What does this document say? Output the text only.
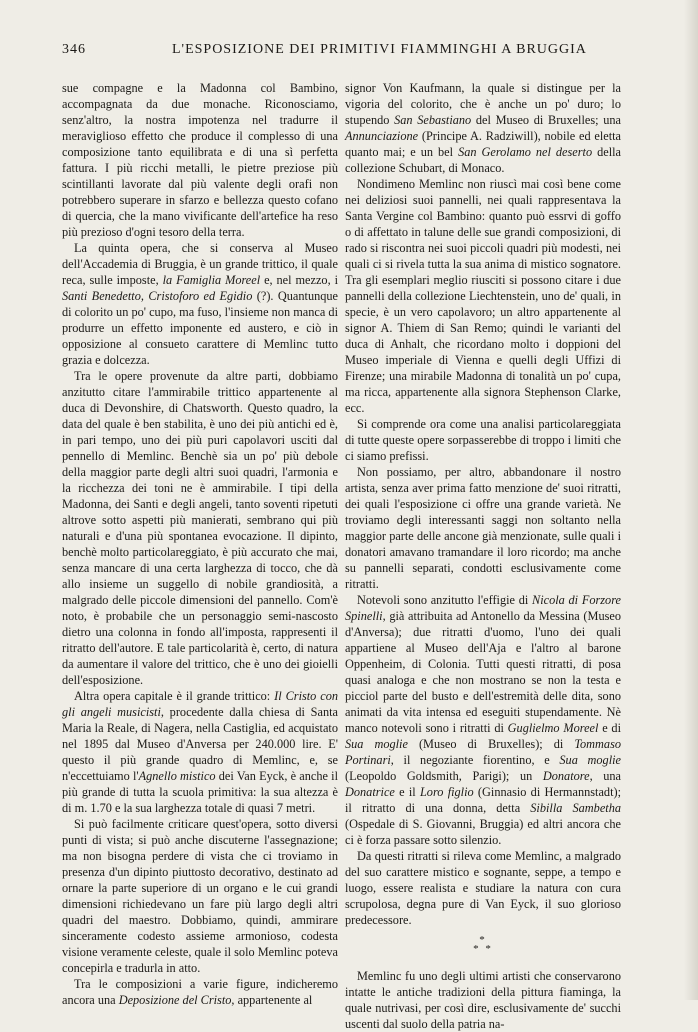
346	L'ESPOSIZIONE DEI PRIMITIVI FIAMMINGHI A BRUGGIA

sue compagne e la Madonna col Bambino, accompagnata da due monache. Riconosciamo, senz'altro, la nostra impotenza nel tradurre il meraviglioso effetto che produce il complesso di una composizione tanto equilibrata e di una sì perfetta fattura. I più ricchi metalli, le pietre preziose più scintillanti lavorate dal più valente degli orafi non potrebbero superare in sfarzo e bellezza questo cofano di quercia, che la mano vivificante dell'artefice ha reso più prezioso d'ogni tesoro della terra.

La quinta opera, che si conserva al Museo dell'Accademia di Bruggia, è un grande trittico, il quale reca, sulle imposte, la Famiglia Moreel e, nel mezzo, i Santi Benedetto, Cristoforo ed Egidio (?). Quantunque di colorito un po' cupo, ma fuso, l'insieme non manca di produrre un effetto imponente ed austero, e ciò in opposizione al consueto carattere di Memlinc tutto grazia e dolcezza.

Tra le opere provenute da altre parti, dobbiamo anzitutto citare l'ammirabile trittico appartenente al duca di Devonshire, di Chatsworth. Questo quadro, la data del quale è ben stabilita, è uno dei più antichi ed è, in pari tempo, uno dei più puri capolavori usciti dal pennello di Memlinc. Benchè sia un po' più debole della maggior parte degli altri suoi quadri, l'armonia e la ricchezza dei toni ne è ammirabile. I tipi della Madonna, dei Santi e degli angeli, tanto soventi ripetuti altrove sotto aspetti più manierati, sembrano qui più naturali e d'una più spontanea evocazione. Il dipinto, benchè molto particolareggiato, è più accurato che mai, senza mancare di una certa larghezza di tocco, che dà allo insieme un suggello di nobile grandiosità, a malgrado delle piccole dimensioni del pannello. Com'è noto, è probabile che un personaggio semi-nascosto dietro una colonna in fondo all'imposta, rappresenti il ritratto dell'autore. E tale particolarità è, certo, di natura da aumentare il valore del trittico, che è uno dei gioielli dell'esposizione.

Altra opera capitale è il grande trittico: Il Cristo con gli angeli musicisti, procedente dalla chiesa di Santa Maria la Reale, di Nagera, nella Castiglia, ed acquistato nel 1895 dal Museo d'Anversa per 240.000 lire. E' questo il più grande quadro di Memlinc, e, se n'eccettuiamo l'Agnello mistico dei Van Eyck, è anche il più grande di tutta la scuola primitiva: la sua altezza è di m. 1.70 e la sua larghezza totale di quasi 7 metri.

Si può facilmente criticare quest'opera, sotto diversi punti di vista; si può anche discuterne l'assegnazione; ma non bisogna perdere di vista che ci troviamo in presenza d'un dipinto piuttosto decorativo, destinato ad ornare la parte superiore di un organo e le cui grandi dimensioni richiedevano un fare più largo degli altri quadri del maestro. Dobbiamo, quindi, ammirare sinceramente codesto assieme armonioso, codesta visione veramente celeste, quale il solo Memlinc poteva concepirla e tradurla in atto.

Tra le composizioni a varie figure, indicheremo ancora una Deposizione del Cristo, appartenente al

signor Von Kaufmann, la quale si distingue per la vigoria del colorito, che è anche un po' duro; lo stupendo San Sebastiano del Museo di Bruxelles; una Annunciazione (Principe A. Radziwill), nobile ed eletta quanto mai; e un bel San Gerolamo nel deserto della collezione Schubart, di Monaco.

Nondimeno Memlinc non riuscì mai così bene come nei deliziosi suoi pannelli, nei quali rappresentava la Santa Vergine col Bambino: quanto può essrvi di goffo o di affettato in talune delle sue grandi composizioni, di rado si riscontra nei suoi piccoli quadri più modesti, nei quali ci si rivela tutta la sua anima di mistico sognatore. Tra gli esemplari meglio riusciti si possono citare i due pannelli della collezione Liechtenstein, uno de' quali, in specie, è un vero capolavoro; un altro appartenente al signor A. Thiem di San Remo; quindi le varianti del duca di Anhalt, che ricordano molto i doppioni del Museo imperiale di Vienna e quelli degli Uffizi di Firenze; una mirabile Madonna di tonalità un po' cupa, ma ricca, appartenente alla signora Stephenson Clarke, ecc.

Si comprende ora come una analisi particolareggiata di tutte queste opere sorpasserebbe di troppo i limiti che ci siamo prefissi.

Non possiamo, per altro, abbandonare il nostro artista, senza aver prima fatto menzione de' suoi ritratti, dei quali l'esposizione ci offre una grande varietà. Ne troviamo degli interessanti saggi non soltanto nella maggior parte delle ancone già menzionate, sulle quali i donatori amavano tramandare il loro ricordo; ma anche su pannelli separati, condotti esclusivamente come ritratti.

Notevoli sono anzitutto l'effigie di Nicola di Forzore Spinelli, già attribuita ad Antonello da Messina (Museo d'Anversa); due ritratti d'uomo, l'uno dei quali appartiene al Museo dell'Aja e l'altro al barone Oppenheim, di Colonia. Tutti questi ritratti, di posa quasi analoga e che non mostrano se non la testa e picciol parte del busto e dell'estremità delle dita, sono animati da vita intensa ed eseguiti stupendamente. Nè manco notevoli sono i ritratti di Guglielmo Moreel e di Sua moglie (Museo di Bruxelles); di Tommaso Portinari, il negoziante fiorentino, e Sua moglie (Leopoldo Goldsmith, Parigi); un Donatore, una Donatrice e il Loro figlio (Ginnasio di Hermannstadt); il ritratto di una donna, detta Sibilla Sambetha (Ospedale di S. Giovanni, Bruggia) ed altri ancora che ci è forza passare sotto silenzio.

Da questi ritratti si rileva come Memlinc, a malgrado del suo carattere mistico e sognante, seppe, a tempo e luogo, essere realista e studiare la natura con cura scrupolosa, degna pure di Van Eyck, il suo glorioso predecessore.

*
* *

Memlinc fu uno degli ultimi artisti che conservarono intatte le antiche tradizioni della pittura fiaminga, la quale nutrivasi, per così dire, esclusivamente de' succhi uscenti dal suolo della patria na-
